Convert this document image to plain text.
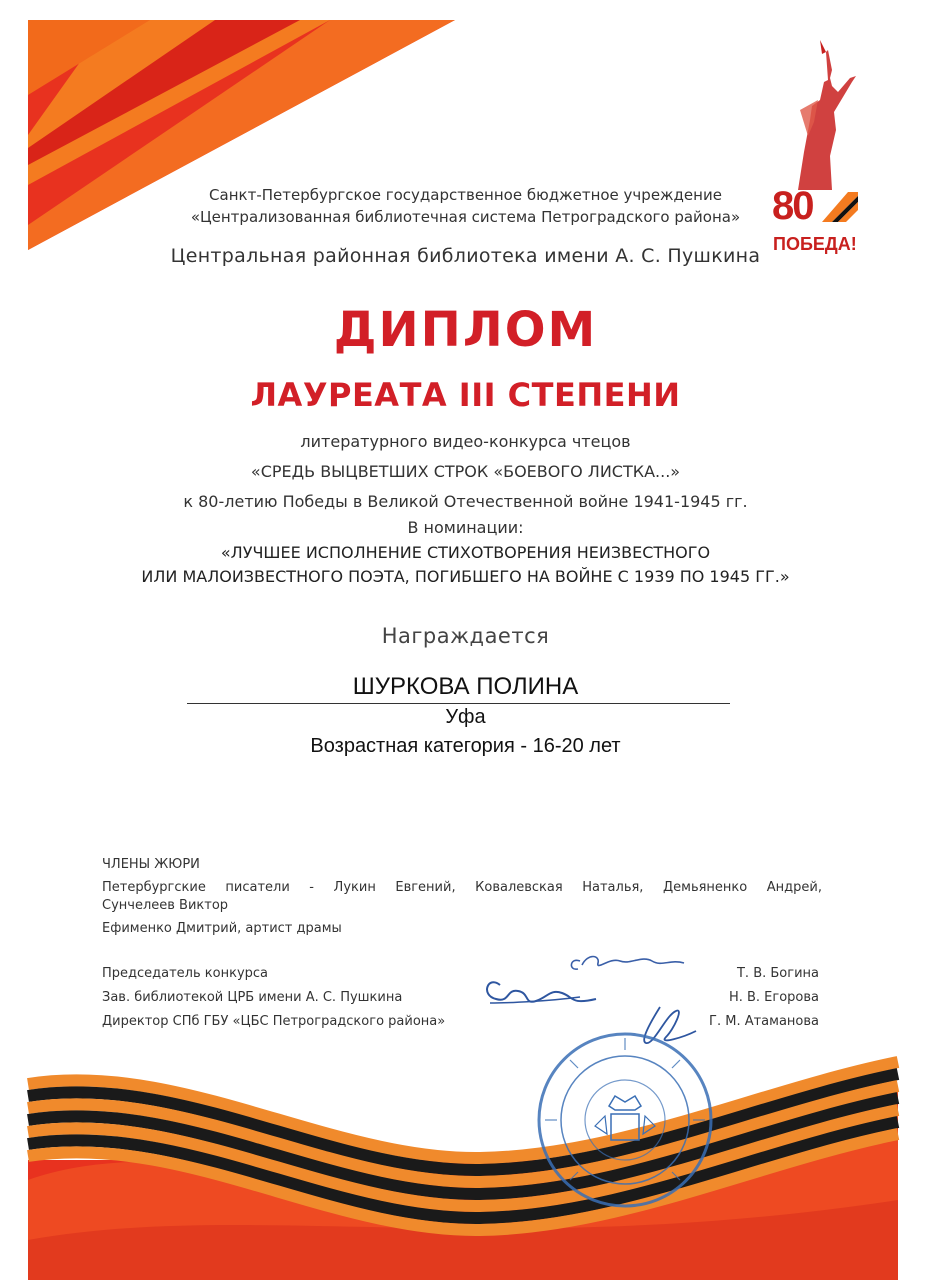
80
ПОБЕДА!
Санкт-Петербургское государственное бюджетное учреждение
«Централизованная библиотечная система Петроградского района»
Центральная районная библиотека имени А. С. Пушкина
ДИПЛОМ
ЛАУРЕАТА III СТЕПЕНИ
литературного видео-конкурса чтецов
«СРЕДЬ ВЫЦВЕТШИХ СТРОК «БОЕВОГО ЛИСТКА...»
к 80-летию Победы в Великой Отечественной войне 1941-1945 гг.
В номинации:
«ЛУЧШЕЕ ИСПОЛНЕНИЕ СТИХОТВОРЕНИЯ НЕИЗВЕСТНОГО
ИЛИ МАЛОИЗВЕСТНОГО ПОЭТА, ПОГИБШЕГО НА ВОЙНЕ С 1939 ПО 1945 ГГ.»
Награждается
ШУРКОВА ПОЛИНА
Уфа
Возрастная категория - 16-20 лет
ЧЛЕНЫ ЖЮРИ
Петербургские писатели - Лукин Евгений, Ковалевская Наталья, Демьяненко Андрей,
Сунчелеев Виктор
Ефименко Дмитрий, артист драмы
Председатель конкурса
Зав. библиотекой ЦРБ имени А. С. Пушкина
Директор СПб ГБУ «ЦБС Петроградского района»
Т. В. Богина
Н. В. Егорова
Г. М. Атаманова
